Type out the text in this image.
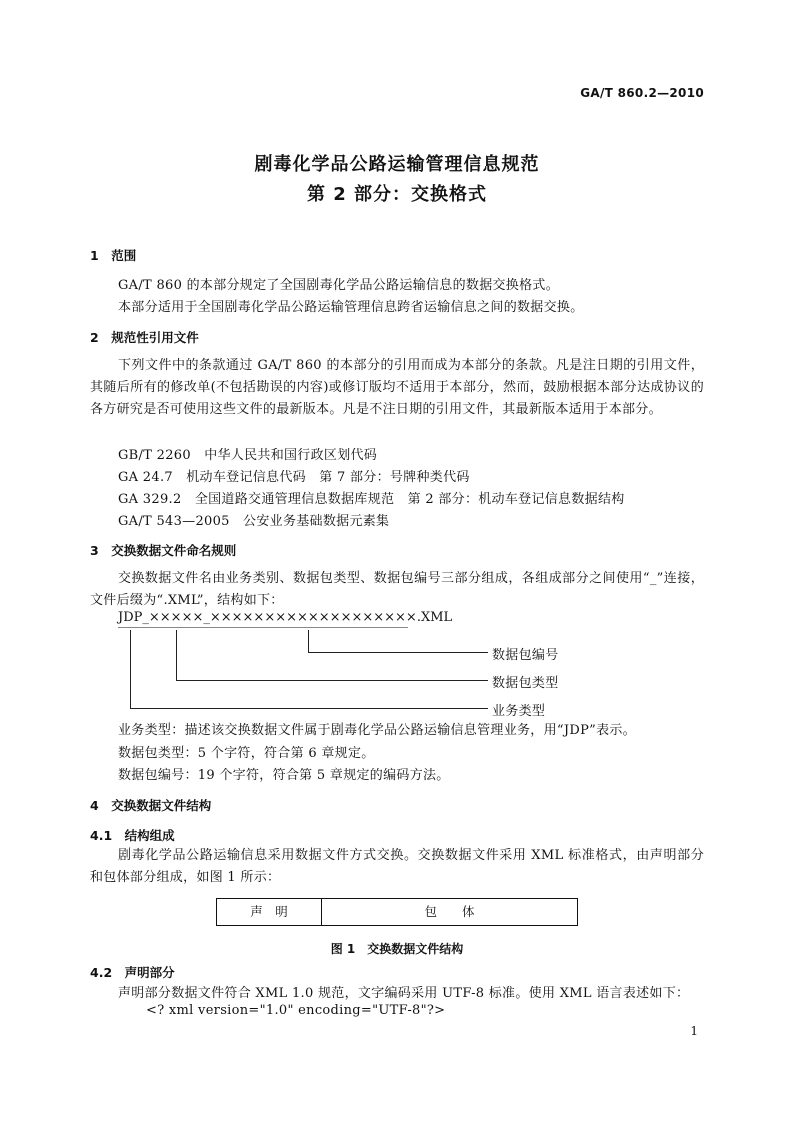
GA/T 860.2—2010
剧毒化学品公路运输管理信息规范
第 2 部分：交换格式
1　范围
GA/T 860 的本部分规定了全国剧毒化学品公路运输信息的数据交换格式。
本部分适用于全国剧毒化学品公路运输管理信息跨省运输信息之间的数据交换。
2　规范性引用文件
下列文件中的条款通过 GA/T 860 的本部分的引用而成为本部分的条款。凡是注日期的引用文件，其随后所有的修改单(不包括勘误的内容)或修订版均不适用于本部分，然而，鼓励根据本部分达成协议的各方研究是否可使用这些文件的最新版本。凡是不注日期的引用文件，其最新版本适用于本部分。
GB/T 2260　中华人民共和国行政区划代码
GA 24.7　机动车登记信息代码　第 7 部分：号牌种类代码
GA 329.2　全国道路交通管理信息数据库规范　第 2 部分：机动车登记信息数据结构
GA/T 543—2005　公安业务基础数据元素集
3　交换数据文件命名规则
交换数据文件名由业务类别、数据包类型、数据包编号三部分组成，各组成部分之间使用“_”连接，文件后缀为“.XML”，结构如下：
JDP_×××××_×××××××××××××××××××.XML
数据包编号
数据包类型
业务类型
业务类型：描述该交换数据文件属于剧毒化学品公路运输信息管理业务，用“JDP”表示。
数据包类型：5 个字符，符合第 6 章规定。
数据包编号：19 个字符，符合第 5 章规定的编码方法。
4　交换数据文件结构
4.1　结构组成
剧毒化学品公路运输信息采用数据文件方式交换。交换数据文件采用 XML 标准格式，由声明部分和包体部分组成，如图 1 所示：
声　明	包　　体
图 1　交换数据文件结构
4.2　声明部分
声明部分数据文件符合 XML 1.0 规范，文字编码采用 UTF-8 标准。使用 XML 语言表述如下：
<? xml version="1.0" encoding="UTF-8"?>
1
